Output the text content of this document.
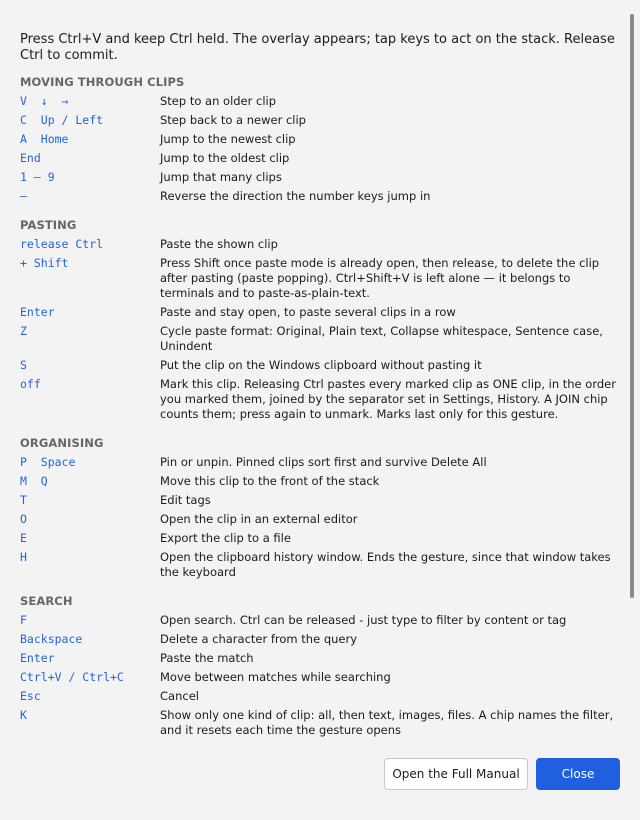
Press Ctrl+V and keep Ctrl held. The overlay appears; tap keys to act on the stack. Release Ctrl to commit.

MOVING THROUGH CLIPS
V  ↓  →	Step to an older clip
C  Up / Left	Step back to a newer clip
A  Home	Jump to the newest clip
End	Jump to the oldest clip
1 – 9	Jump that many clips
–	Reverse the direction the number keys jump in
PASTING
release Ctrl	Paste the shown clip
+ Shift	Press Shift once paste mode is already open, then release, to delete the clip after pasting (paste popping). Ctrl+Shift+V is left alone — it belongs to terminals and to paste-as-plain-text.
Enter	Paste and stay open, to paste several clips in a row
Z	Cycle paste format: Original, Plain text, Collapse whitespace, Sentence case, Unindent
S	Put the clip on the Windows clipboard without pasting it
off	Mark this clip. Releasing Ctrl pastes every marked clip as ONE clip, in the order you marked them, joined by the separator set in Settings, History. A JOIN chip counts them; press again to unmark. Marks last only for this gesture.
ORGANISING
P  Space	Pin or unpin. Pinned clips sort first and survive Delete All
M  Q	Move this clip to the front of the stack
T	Edit tags
O	Open the clip in an external editor
E	Export the clip to a file
H	Open the clipboard history window. Ends the gesture, since that window takes the keyboard
SEARCH
F	Open search. Ctrl can be released - just type to filter by content or tag
Backspace	Delete a character from the query
Enter	Paste the match
Ctrl+V / Ctrl+C	Move between matches while searching
Esc	Cancel
K	Show only one kind of clip: all, then text, images, files. A chip names the filter, and it resets each time the gesture opens
Open the Full Manual	Close
